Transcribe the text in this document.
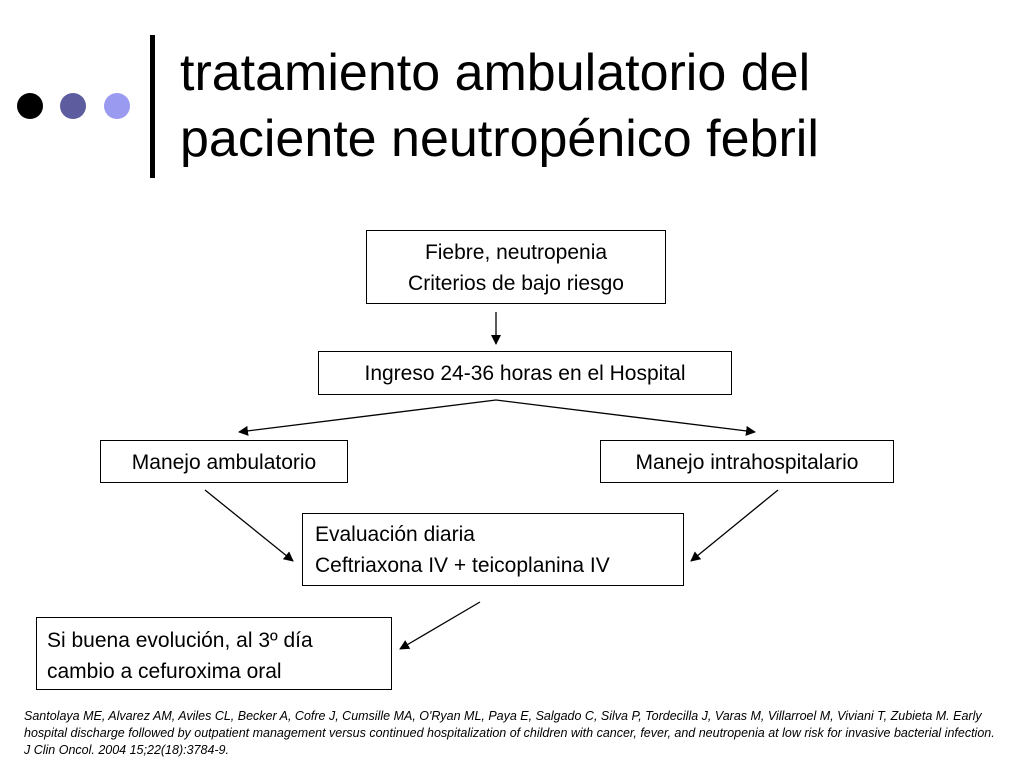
tratamiento ambulatorio del
paciente neutropénico febril
Fiebre, neutropenia
Criterios de bajo riesgo
Ingreso 24-36 horas en el Hospital
Manejo ambulatorio	Manejo intrahospitalario
Evaluación diaria
Ceftriaxona IV + teicoplanina IV
Si buena evolución, al 3º día
cambio a cefuroxima oral

Santolaya ME, Alvarez AM, Aviles CL, Becker A, Cofre J, Cumsille MA, O'Ryan ML, Paya E, Salgado C, Silva P, Tordecilla J, Varas M, Villarroel M, Viviani T, Zubieta M. Early hospital discharge followed by outpatient management versus continued hospitalization of children with cancer, fever, and neutropenia at low risk for invasive bacterial infection. J Clin Oncol. 2004 15;22(18):3784-9.
